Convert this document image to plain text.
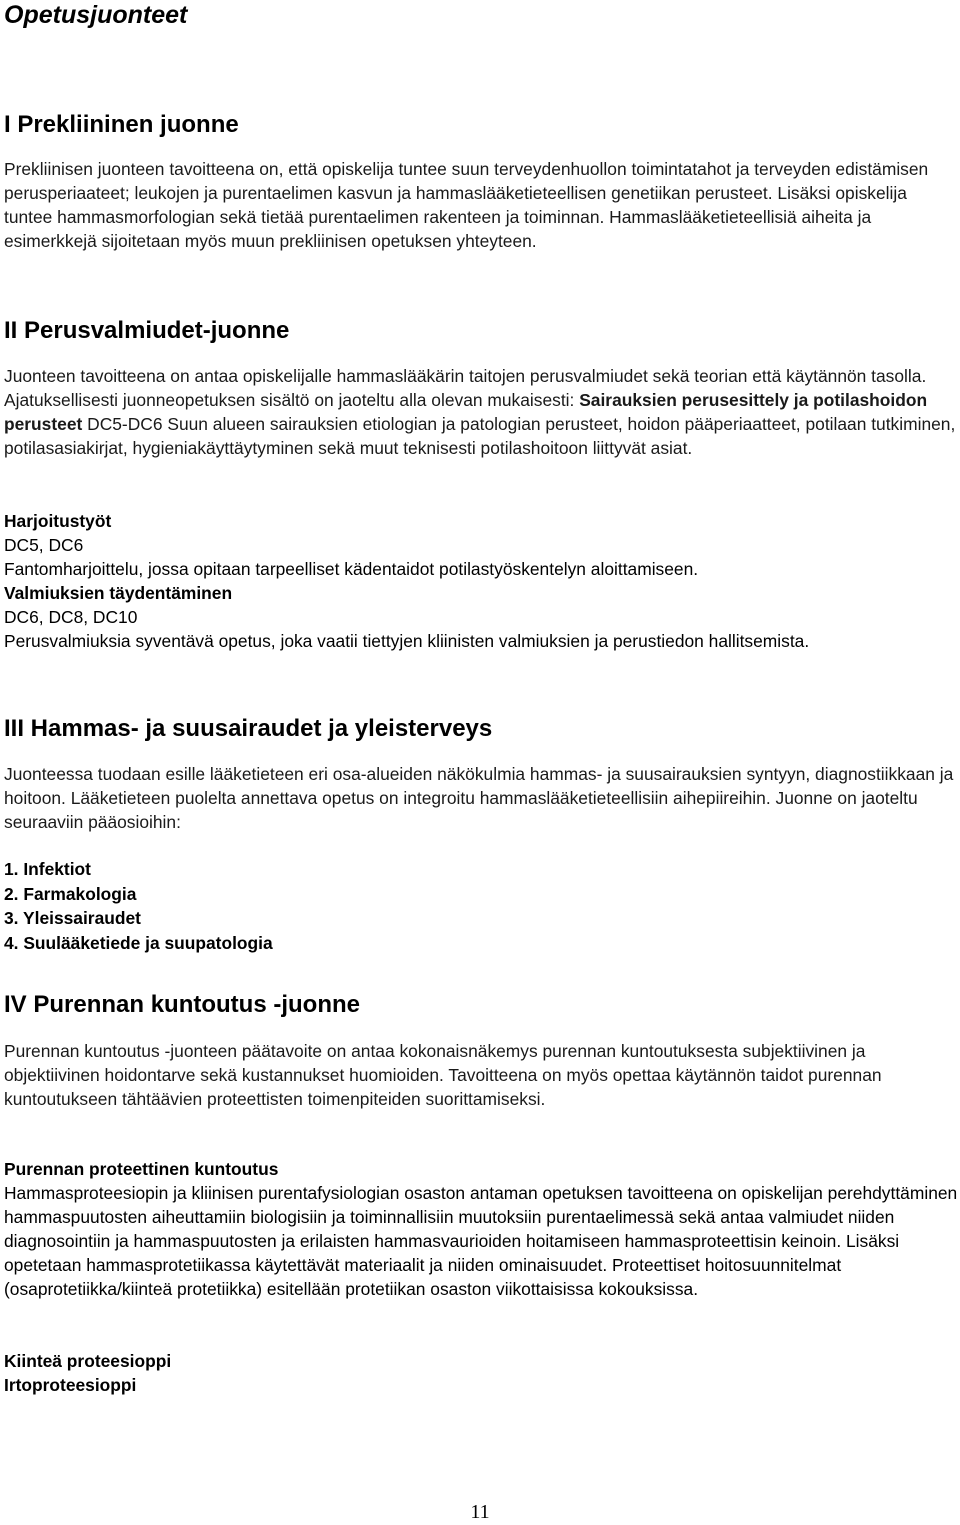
Opetusjuonteet
I Prekliininen juonne

Prekliinisen juonteen tavoitteena on, että opiskelija tuntee suun terveydenhuollon toimintatahot ja terveyden edistämisen perusperiaateet; leukojen ja purentaelimen kasvun ja hammaslääketieteellisen genetiikan perusteet. Lisäksi opiskelija tuntee hammasmorfologian sekä tietää purentaelimen rakenteen ja toiminnan. Hammaslääketieteellisiä aiheita ja esimerkkejä sijoitetaan myös muun prekliinisen opetuksen yhteyteen.

II Perusvalmiudet-juonne

Juonteen tavoitteena on antaa opiskelijalle hammaslääkärin taitojen perusvalmiudet sekä teorian että käytännön tasolla. Ajatuksellisesti juonneopetuksen sisältö on jaoteltu alla olevan mukaisesti: Sairauksien perusesittely ja potilashoidon perusteet DC5-DC6 Suun alueen sairauksien etiologian ja patologian perusteet, hoidon pääperiaatteet, potilaan tutkiminen, potilasasiakirjat, hygieniakäyttäytyminen sekä muut teknisesti potilashoitoon liittyvät asiat.

Harjoitustyöt

DC5, DC6

Fantomharjoittelu, jossa opitaan tarpeelliset kädentaidot potilastyöskentelyn aloittamiseen.

Valmiuksien täydentäminen

DC6, DC8, DC10

Perusvalmiuksia syventävä opetus, joka vaatii tiettyjen kliinisten valmiuksien ja perustiedon hallitsemista.

III Hammas- ja suusairaudet ja yleisterveys

Juonteessa tuodaan esille lääketieteen eri osa-alueiden näkökulmia hammas- ja suusairauksien syntyyn, diagnostiikkaan ja hoitoon. Lääketieteen puolelta annettava opetus on integroitu hammaslääketieteellisiin aihepiireihin. Juonne on jaoteltu seuraaviin pääosioihin:

1. Infektiot
2. Farmakologia
3. Yleissairaudet
4. Suulääketiede ja suupatologia
IV Purennan kuntoutus -juonne

Purennan kuntoutus -juonteen päätavoite on antaa kokonaisnäkemys purennan kuntoutuksesta subjektiivinen ja objektiivinen hoidontarve sekä kustannukset huomioiden. Tavoitteena on myös opettaa käytännön taidot purennan kuntoutukseen tähtäävien proteettisten toimenpiteiden suorittamiseksi.

Purennan proteettinen kuntoutus

Hammasproteesiopin ja kliinisen purentafysiologian osaston antaman opetuksen tavoitteena on opiskelijan perehdyttäminen hammaspuutosten aiheuttamiin biologisiin ja toiminnallisiin muutoksiin purentaelimessä sekä antaa valmiudet niiden diagnosointiin ja hammaspuutosten ja erilaisten hammasvaurioiden hoitamiseen hammasproteettisin keinoin. Lisäksi opetetaan hammasprotetiikassa käytettävät materiaalit ja niiden ominaisuudet. Proteettiset hoitosuunnitelmat (osaprotetiikka/kiinteä protetiikka) esitellään protetiikan osaston viikottaisissa kokouksissa.

Kiinteä proteesioppi

Irtoproteesioppi

11
